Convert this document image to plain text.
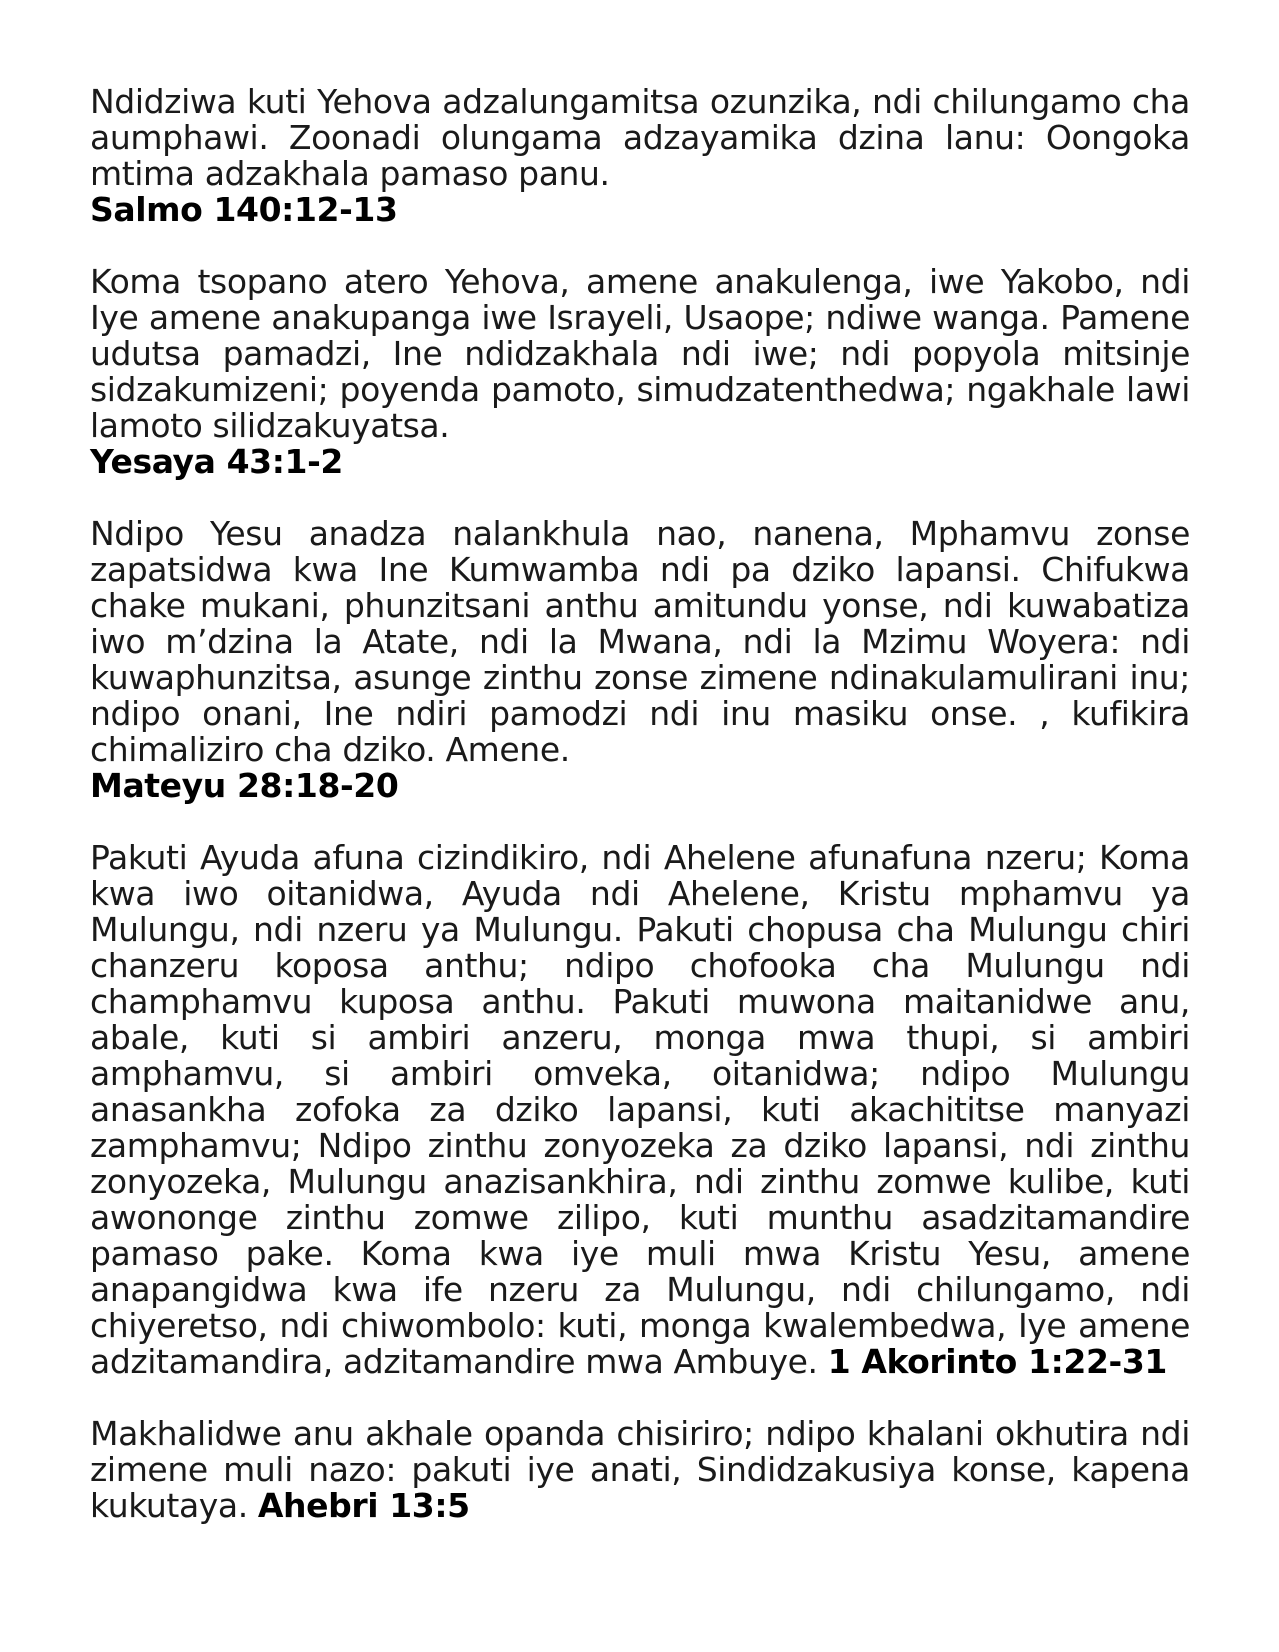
Ndidziwa kuti Yehova adzalungamitsa ozunzika, ndi chilungamo cha aumphawi. Zoonadi olungama adzayamika dzina lanu: Oongoka mtima adzakhala pamaso panu.
Salmo 140:12-13

Koma tsopano atero Yehova, amene anakulenga, iwe Yakobo, ndi Iye amene anakupanga iwe Israyeli, Usaope; ndiwe wanga. Pamene udutsa pamadzi, Ine ndidzakhala ndi iwe; ndi popyola mitsinje sidzakumizeni; poyenda pamoto, simudzatenthedwa; ngakhale lawi lamoto silidzakuyatsa.
Yesaya 43:1-2

Ndipo Yesu anadza nalankhula nao, nanena, Mphamvu zonse zapatsidwa kwa Ine Kumwamba ndi pa dziko lapansi. Chifukwa chake mukani, phunzitsani anthu amitundu yonse, ndi kuwabatiza iwo m’dzina la Atate, ndi la Mwana, ndi la Mzimu Woyera: ndi kuwaphunzitsa, asunge zinthu zonse zimene ndinakulamulirani inu; ndipo onani, Ine ndiri pamodzi ndi inu masiku onse. , kufikira chimaliziro cha dziko. Amene.
Mateyu 28:18-20

Pakuti Ayuda afuna cizindikiro, ndi Ahelene afunafuna nzeru; Koma kwa iwo oitanidwa, Ayuda ndi Ahelene, Kristu mphamvu ya Mulungu, ndi nzeru ya Mulungu. Pakuti chopusa cha Mulungu chiri chanzeru koposa anthu; ndipo chofooka cha Mulungu ndi champhamvu kuposa anthu. Pakuti muwona maitanidwe anu, abale, kuti si ambiri anzeru, monga mwa thupi, si ambiri amphamvu, si ambiri omveka, oitanidwa; ndipo Mulungu anasankha zofoka za dziko lapansi, kuti akachititse manyazi zamphamvu; Ndipo zinthu zonyozeka za dziko lapansi, ndi zinthu zonyozeka, Mulungu anazisankhira, ndi zinthu zomwe kulibe, kuti awononge zinthu zomwe zilipo, kuti munthu asadzitamandire pamaso pake. Koma kwa iye muli mwa Kristu Yesu, amene anapangidwa kwa ife nzeru za Mulungu, ndi chilungamo, ndi chiyeretso, ndi chiwombolo: kuti, monga kwalembedwa, Iye amene adzitamandira, adzitamandire mwa Ambuye. 1 Akorinto 1:22-31

Makhalidwe anu akhale opanda chisiriro; ndipo khalani okhutira ndi zimene muli nazo: pakuti iye anati, Sindidzakusiya konse, kapena kukutaya. Ahebri 13:5
